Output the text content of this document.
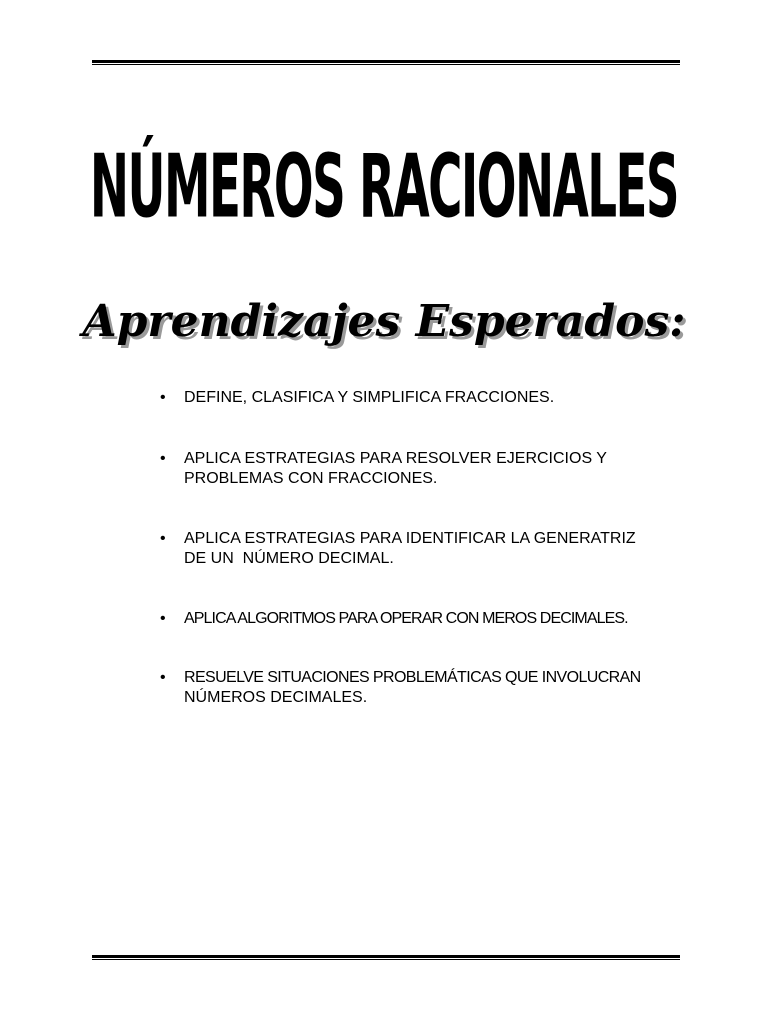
NÚMEROS RACIONALES
Aprendizajes Esperados:
• DEFINE, CLASIFICA Y SIMPLIFICA FRACCIONES.
• APLICA ESTRATEGIAS PARA RESOLVER EJERCICIOS Y
PROBLEMAS CON FRACCIONES.
• APLICA ESTRATEGIAS PARA IDENTIFICAR LA GENERATRIZ
DE UN  NÚMERO DECIMAL.
• APLICA ALGORITMOS PARA OPERAR CON MEROS DECIMALES.
• RESUELVE SITUACIONES PROBLEMÁTICAS QUE INVOLUCRAN
NÚMEROS DECIMALES.
